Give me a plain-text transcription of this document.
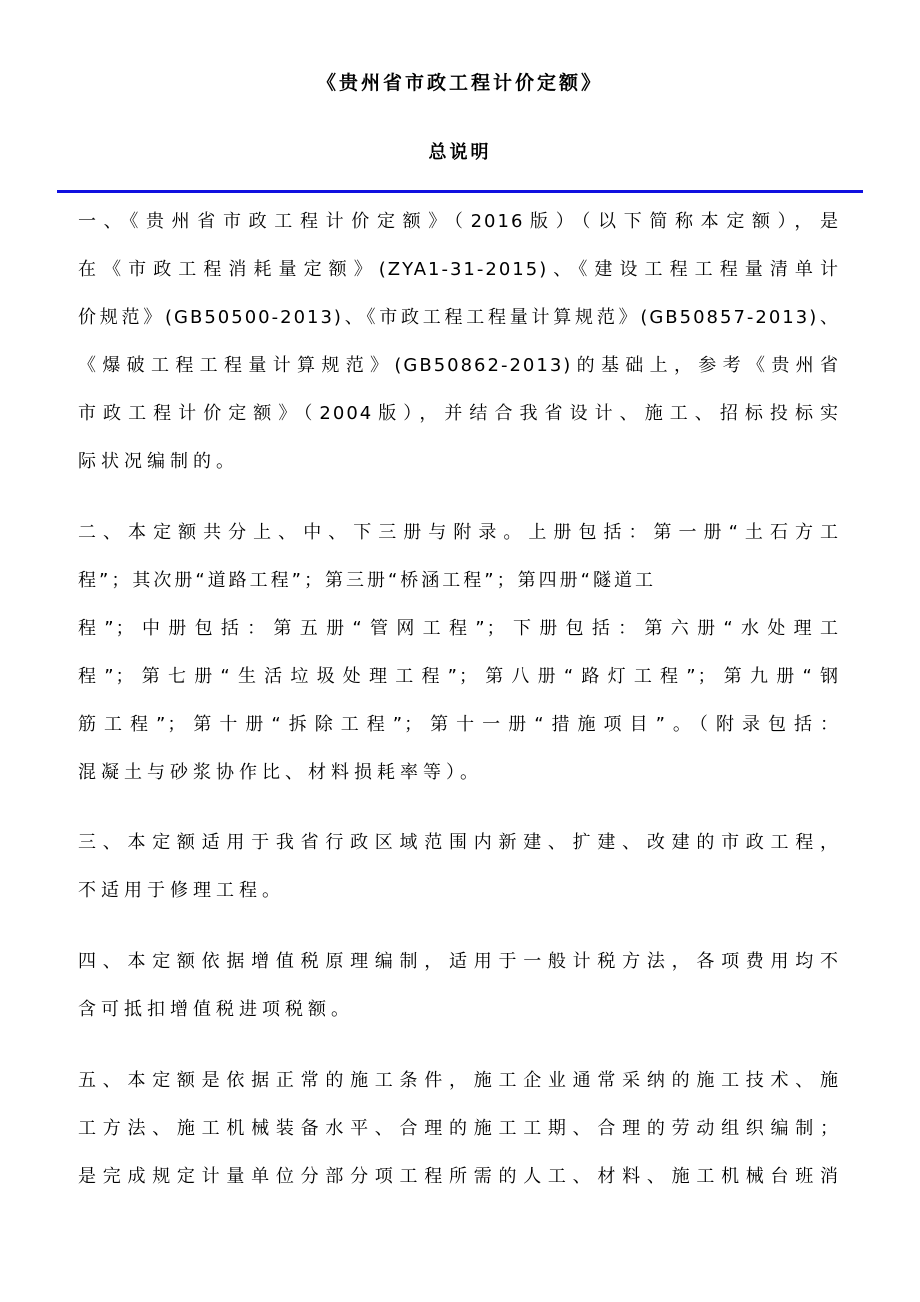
《贵州省市政工程计价定额》
总说明
一、《贵州省市政工程计价定额》（2016版）（以下简称本定额），是
在《市政工程消耗量定额》(ZYA1-31-2015)、《建设工程工程量清单计
价规范》(GB50500-2013)、《市政工程工程量计算规范》(GB50857-2013)、
《爆破工程工程量计算规范》(GB50862-2013)的基础上，参考《贵州省
市政工程计价定额》（2004版），并结合我省设计、施工、招标投标实
际状况编制的。
二、本定额共分上、中、下三册与附录。上册包括：第一册“土石方工
程”；其次册“道路工程”；第三册“桥涵工程”；第四册“隧道工
程”；中册包括：第五册“管网工程”；下册包括：第六册“水处理工
程”；第七册“生活垃圾处理工程”；第八册“路灯工程”；第九册“钢
筋工程”；第十册“拆除工程”；第十一册“措施项目”。（附录包括：
混凝土与砂浆协作比、材料损耗率等）。
三、本定额适用于我省行政区域范围内新建、扩建、改建的市政工程，
不适用于修理工程。
四、本定额依据增值税原理编制，适用于一般计税方法，各项费用均不
含可抵扣增值税进项税额。
五、本定额是依据正常的施工条件，施工企业通常采纳的施工技术、施
工方法、施工机械装备水平、合理的施工工期、合理的劳动组织编制；
是完成规定计量单位分部分项工程所需的人工、材料、施工机械台班消
